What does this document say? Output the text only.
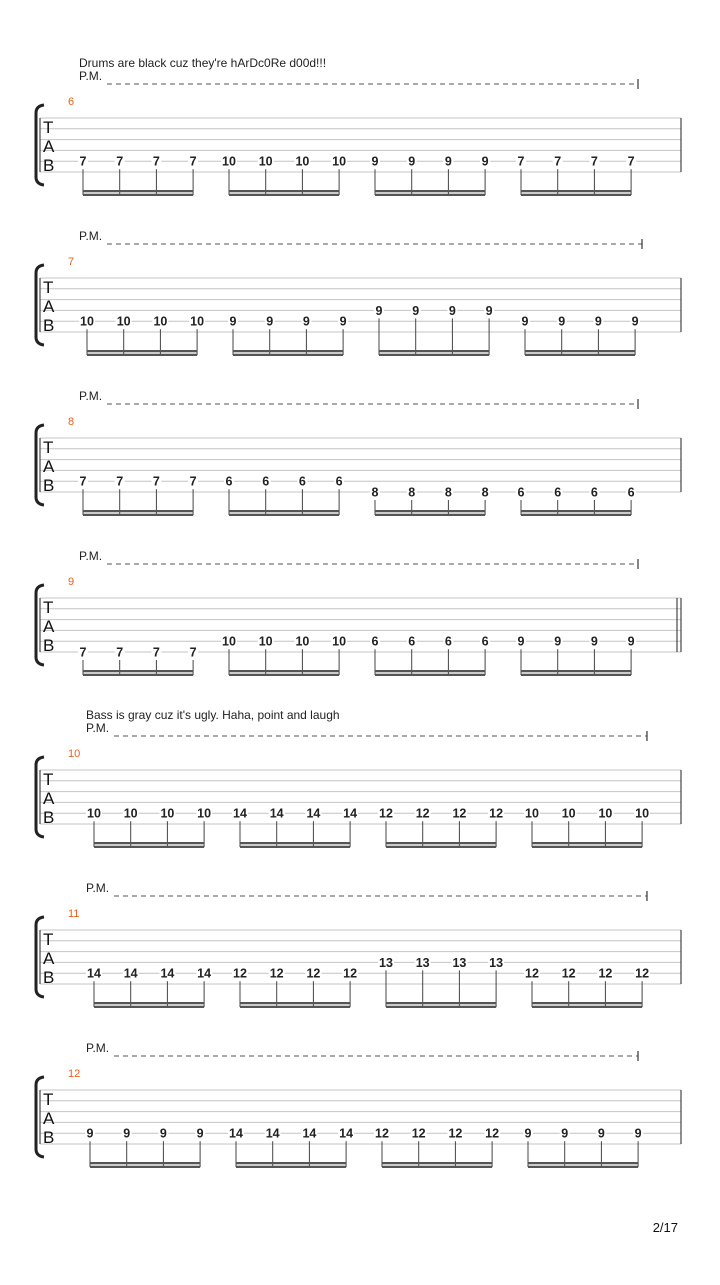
Drums are black cuz they're hArDc0Re d00d!!!
P.M.
6
T
A
B 7 7 7 7 10 10 10 10 9 9 9 9 7 7 7 7
P.M.
7
T
A
B 10 10 10 10 9 9 9 9
9 9 9 9
9 9 9 9
P.M.
8
T
A
B 7 7 7 7 6 6 6 6
8 8 8 8 6 6 6 6
P.M.
9
T
A
B 7 7 7 7
10 10 10 10 6 6 6 6 9 9 9 9
Bass is gray cuz it's ugly. Haha, point and laugh
P.M.
10
T
A
B	10 10 10 10 14 14 14 14 12 12 12 12 10 10 10 10
P.M.
11
T
A
B	14 14 14 14 12 12 12 12
13 13 13 13
12 12 12 12
P.M.
12
T
A
B	9 9 9 9 14 14 14 14 12 12 12 12 9 9 9 9
2/17
